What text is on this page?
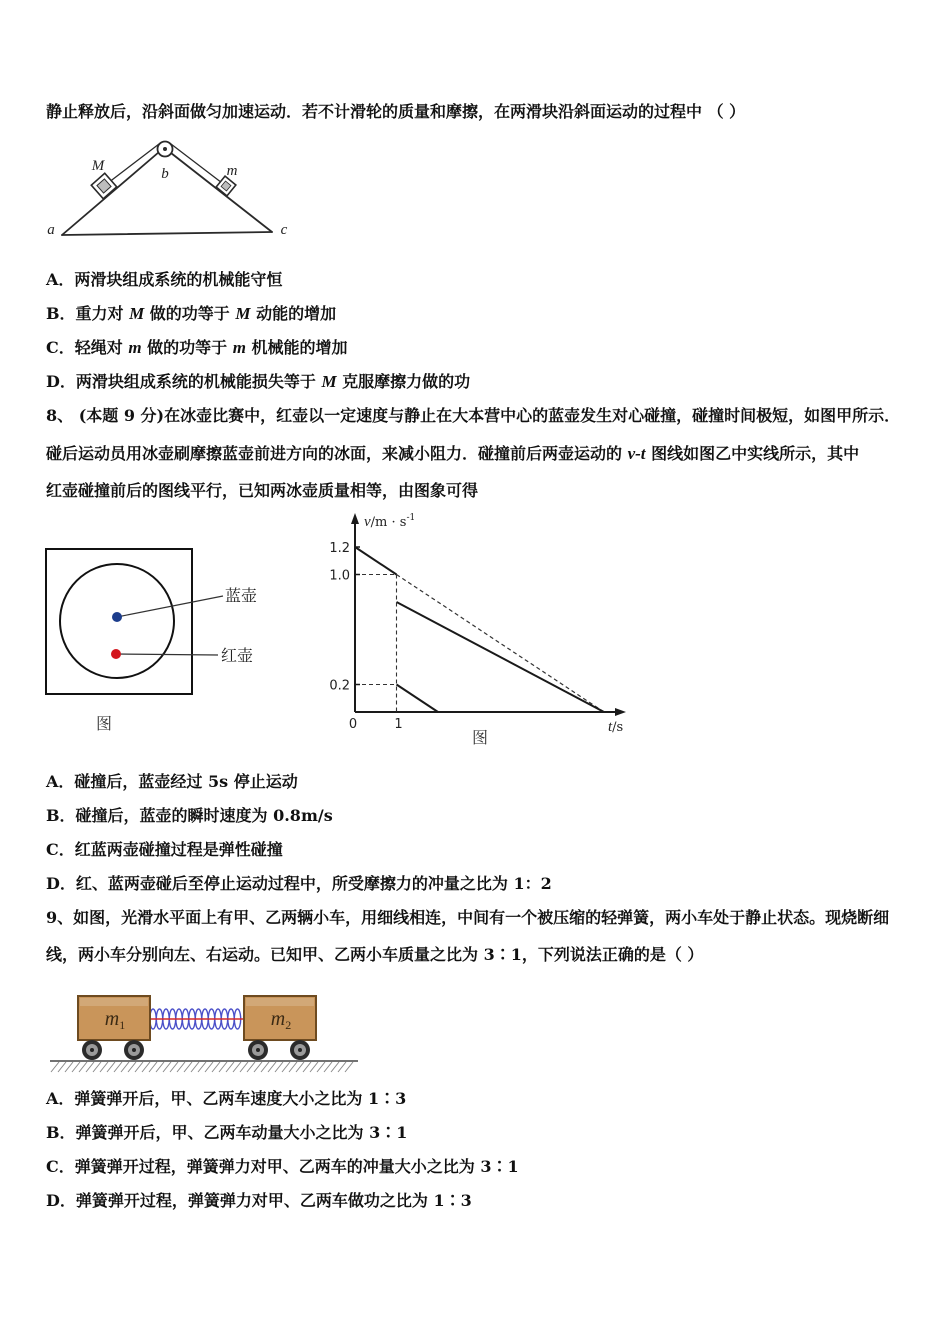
静止释放后，沿斜面做匀加速运动．若不计滑轮的质量和摩擦，在两滑块沿斜面运动的过程中 （ ）
M	b	m
a	c
A．两滑块组成系统的机械能守恒
B．重力对 M 做的功等于 M 动能的增加
C．轻绳对 m 做的功等于 m 机械能的增加
D．两滑块组成系统的机械能损失等于 M 克服摩擦力做的功
8、 (本题 9 分)在冰壶比赛中，红壶以一定速度与静止在大本营中心的蓝壶发生对心碰撞，碰撞时间极短，如图甲所示．
碰后运动员用冰壶刷摩擦蓝壶前进方向的冰面，来减小阻力．碰撞前后两壶运动的 v-t 图线如图乙中实线所示，其中
红壶碰撞前后的图线平行，已知两冰壶质量相等，由图象可得
蓝壶
红壶
图
1.2
1.0
0.2
0	1
$v/m \cdot s^{-1}$
t/s
图
A．碰撞后，蓝壶经过 5s 停止运动
B．碰撞后，蓝壶的瞬时速度为 0.8m/s
C．红蓝两壶碰撞过程是弹性碰撞
D．红、蓝两壶碰后至停止运动过程中，所受摩擦力的冲量之比为 1：2
9、如图，光滑水平面上有甲、乙两辆小车，用细线相连，中间有一个被压缩的轻弹簧，两小车处于静止状态。现烧断细
线，两小车分别向左、右运动。已知甲、乙两小车质量之比为 3∶1，下列说法正确的是（ ）
$m_1$	$m_2$
A．弹簧弹开后，甲、乙两车速度大小之比为 1∶3
B．弹簧弹开后，甲、乙两车动量大小之比为 3∶1
C．弹簧弹开过程，弹簧弹力对甲、乙两车的冲量大小之比为 3∶1
D．弹簧弹开过程，弹簧弹力对甲、乙两车做功之比为 1∶3
